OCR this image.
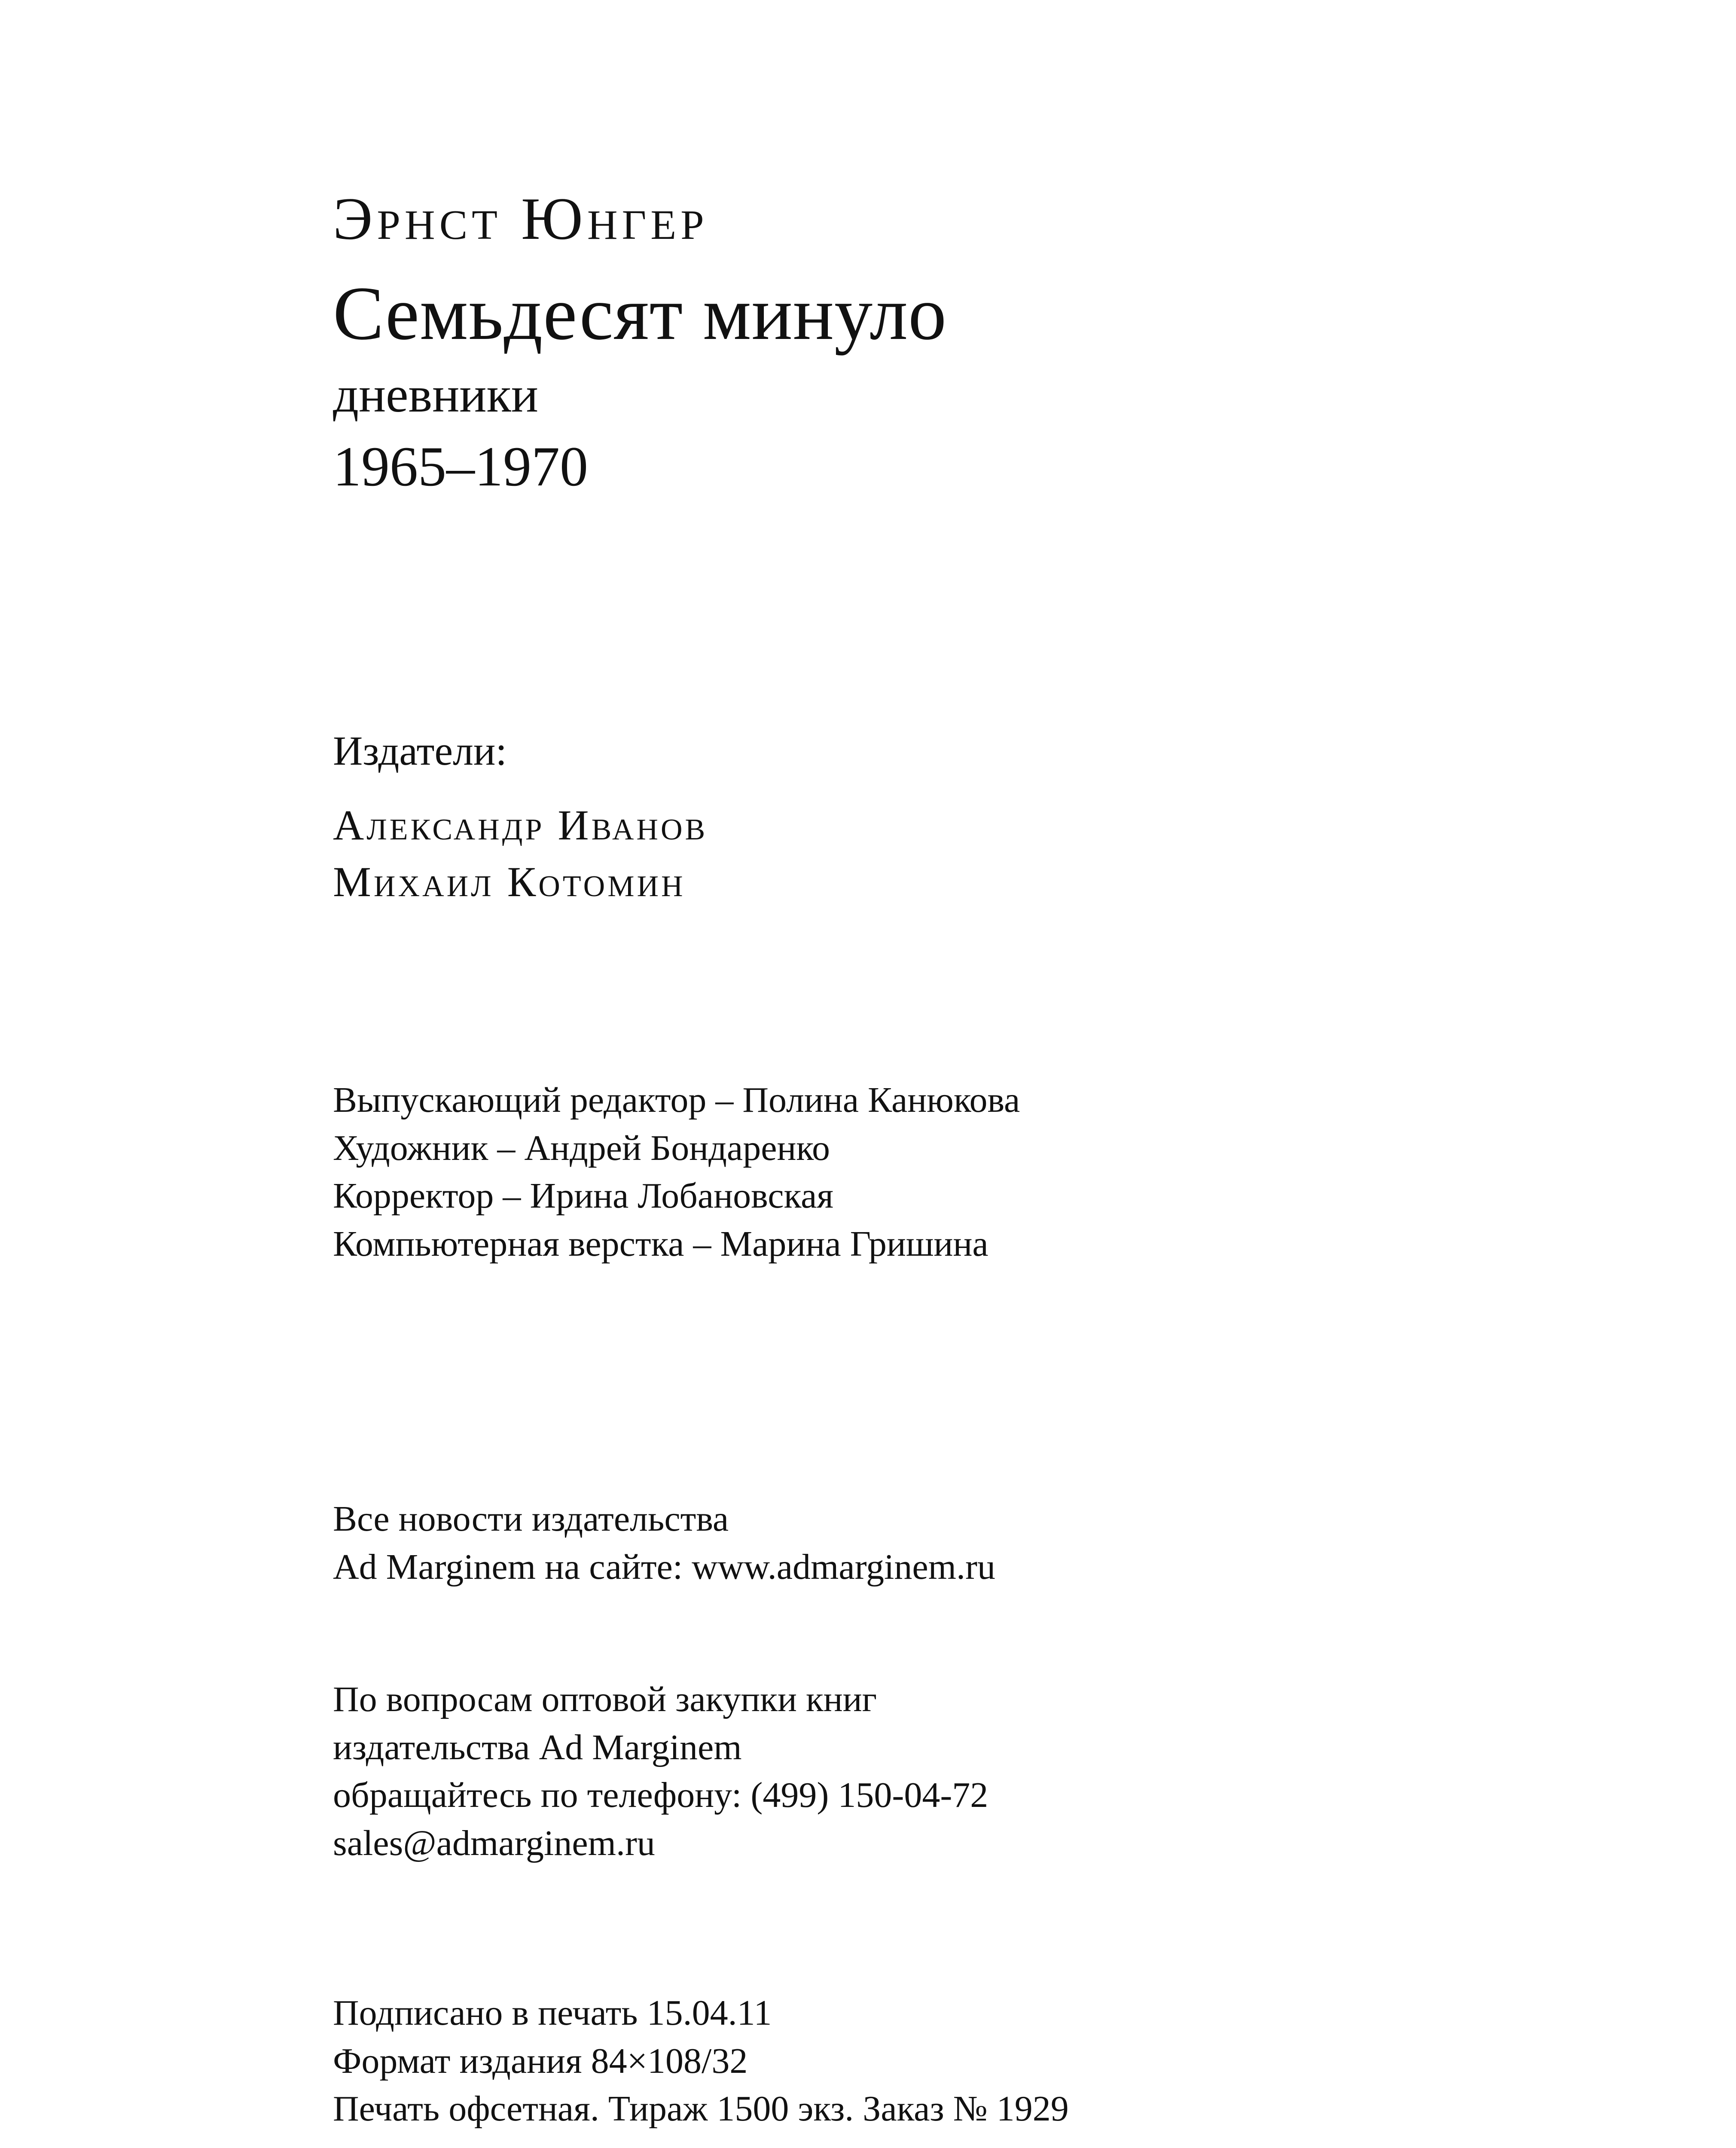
Эрнст Юнгер
Семьдесят минуло
дневники
1965–1970
Издатели:
Александр Иванов
Михаил Котомин
Выпускающий редактор – Полина Канюкова
Художник – Андрей Бондаренко
Корректор – Ирина Лобановская
Компьютерная верстка – Марина Гришина
Все новости издательства
Ad Marginem на сайте: www.admarginem.ru
По вопросам оптовой закупки книг
издательства Ad Marginem
обращайтесь по телефону: (499) 150-04-72
sales@admarginem.ru
Подписано в печать 15.04.11
Формат издания 84×108/32
Печать офсетная. Тираж 1500 экз. Заказ № 1929
